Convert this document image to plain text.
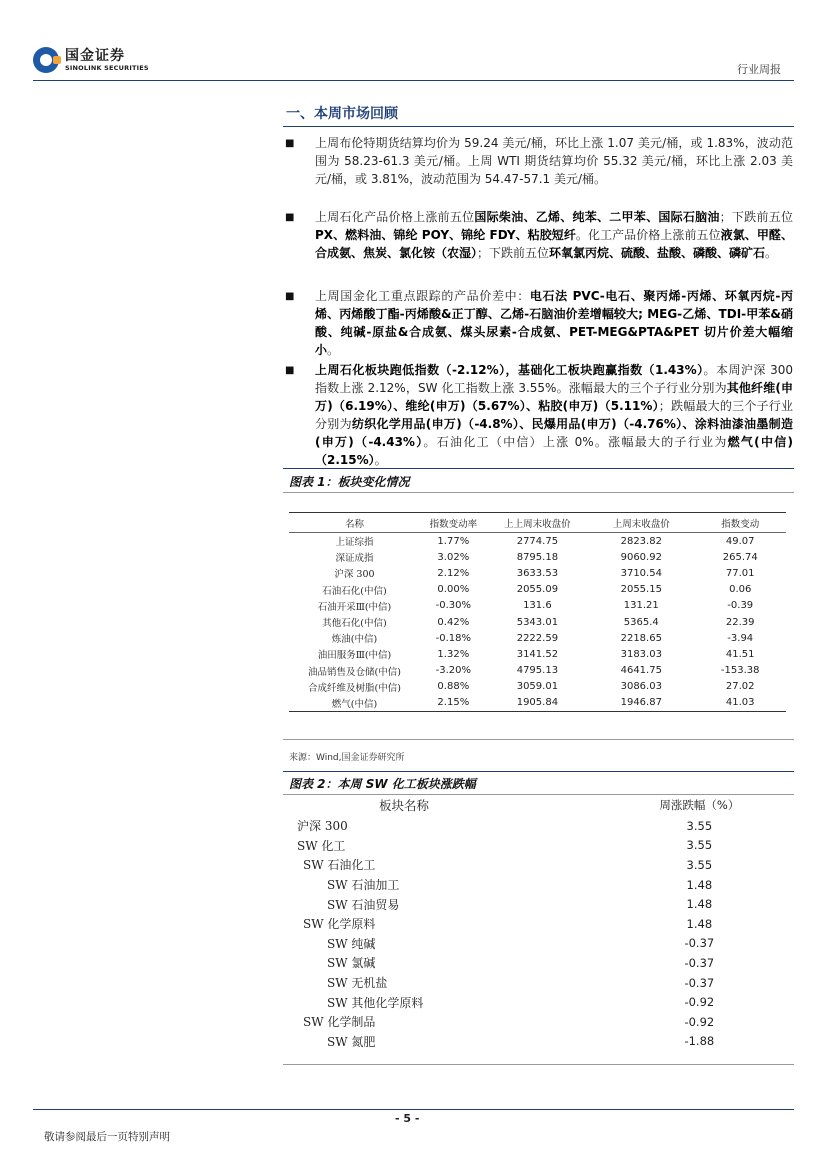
国金证券
SINOLINK SECURITIES	行业周报
一、本周市场回顾
■
上周布伦特期货结算均价为 59.24 美元/桶，环比上涨 1.07 美元/桶，或 1.83%，波动范围为 58.23-61.3 美元/桶。上周 WTI 期货结算均价 55.32 美元/桶，环比上涨 2.03 美元/桶，或 3.81%，波动范围为 54.47-57.1 美元/桶。
■
上周石化产品价格上涨前五位国际柴油、乙烯、纯苯、二甲苯、国际石脑油；下跌前五位 PX、燃料油、锦纶 POY、锦纶 FDY、粘胶短纤。化工产品价格上涨前五位液氯、甲醛、合成氨、焦炭、氯化铵（农湿）；下跌前五位环氧氯丙烷、硫酸、盐酸、磷酸、磷矿石。
■
上周国金化工重点跟踪的产品价差中：电石法 PVC-电石、聚丙烯-丙烯、环氧丙烷-丙烯、丙烯酸丁酯-丙烯酸&正丁醇、乙烯-石脑油价差增幅较大; MEG-乙烯、TDI-甲苯&硝酸、纯碱-原盐&合成氨、煤头尿素-合成氨、PET-MEG&PTA&PET 切片价差大幅缩小。
■
上周石化板块跑低指数（-2.12%），基础化工板块跑赢指数（1.43%）。本周沪深 300 指数上涨 2.12%，SW 化工指数上涨 3.55%。涨幅最大的三个子行业分别为其他纤维(申万)（6.19%）、维纶(申万)（5.67%）、粘胶(申万)（5.11%）；跌幅最大的三个子行业分别为纺织化学用品(申万)（-4.8%）、民爆用品(申万)（-4.76%）、涂料油漆油墨制造(申万)（-4.43%）。石油化工（中信）上涨 0%。涨幅最大的子行业为燃气(中信)（2.15%）。
图表 1：板块变化情况
名称	指数变动率	上上周末收盘价	上周末收盘价	指数变动
上证综指	1.77%	2774.75	2823.82	49.07
深证成指	3.02%	8795.18	9060.92	265.74
沪深 300	2.12%	3633.53	3710.54	77.01
石油石化(中信)	0.00%	2055.09	2055.15	0.06
石油开采Ⅲ(中信)	-0.30%	131.6	131.21	-0.39
其他石化(中信)	0.42%	5343.01	5365.4	22.39
炼油(中信)	-0.18%	2222.59	2218.65	-3.94
油田服务Ⅲ(中信)	1.32%	3141.52	3183.03	41.51
油品销售及仓储(中信)	-3.20%	4795.13	4641.75	-153.38
合成纤维及树脂(中信)	0.88%	3059.01	3086.03	27.02
燃气(中信)	2.15%	1905.84	1946.87	41.03
来源：Wind,国金证券研究所
图表 2：本周 SW 化工板块涨跌幅
板块名称	周涨跌幅（%）
沪深 300	3.55
SW 化工	3.55
SW 石油化工	3.55
SW 石油加工	1.48
SW 石油贸易	1.48
SW 化学原料	1.48
SW 纯碱	-0.37
SW 氯碱	-0.37
SW 无机盐	-0.37
SW 其他化学原料	-0.92
SW 化学制品	-0.92
SW 氮肥	-1.88
- 5 -
敬请参阅最后一页特别声明
